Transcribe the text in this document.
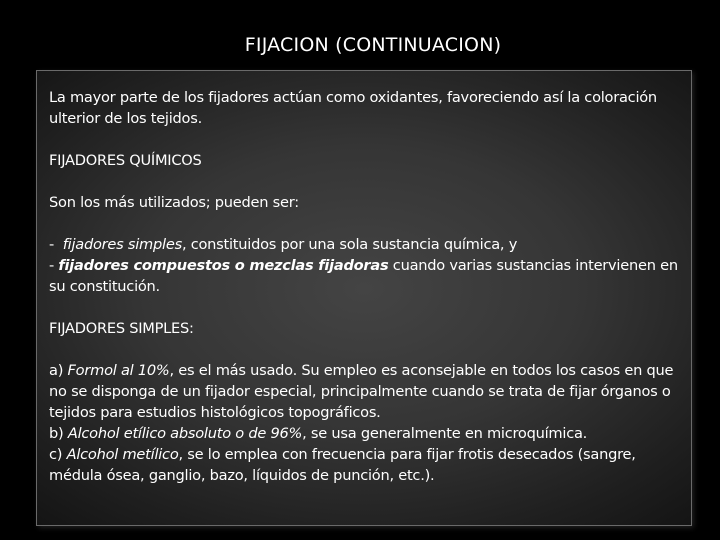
FIJACION (CONTINUACION)

La mayor parte de los fijadores actúan como oxidantes, favoreciendo así la coloración ulterior de los tejidos.

FIJADORES QUÍMICOS

Son los más utilizados; pueden ser:

-  fijadores simples, constituidos por una sola sustancia química, y

- fijadores compuestos o mezclas fijadoras cuando varias sustancias intervienen en su constitución.

FIJADORES SIMPLES:

a) Formol al 10%, es el más usado. Su empleo es aconsejable en todos los casos en que no se disponga de un fijador especial, principalmente cuando se trata de fijar órganos o tejidos para estudios histológicos topográficos.

b) Alcohol etílico absoluto o de 96%, se usa generalmente en microquímica.

c) Alcohol metílico, se lo emplea con frecuencia para fijar frotis desecados (sangre, médula ósea, ganglio, bazo, líquidos de punción, etc.).
